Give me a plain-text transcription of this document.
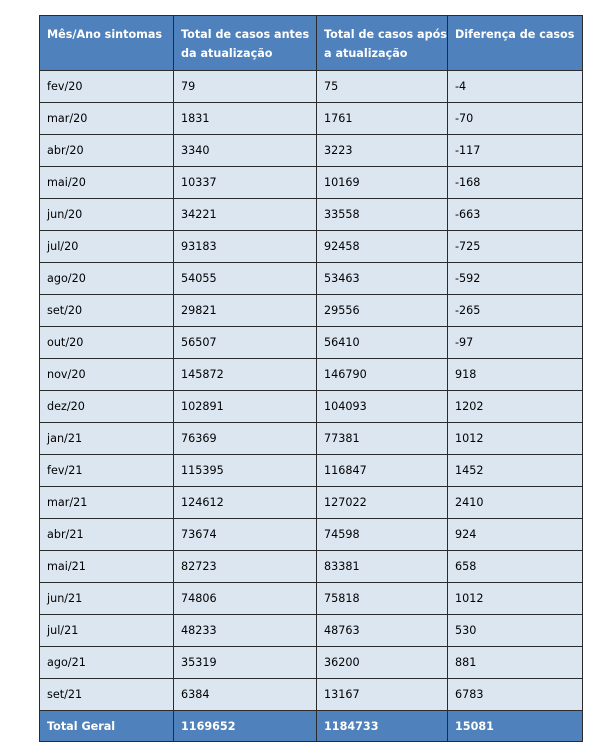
Mês/Ano sintomas	Total de casos antes da atualização	Total de casos após a atualização	Diferença de casos
fev/20	79	75	-4
mar/20	1831	1761	-70
abr/20	3340	3223	-117
mai/20	10337	10169	-168
jun/20	34221	33558	-663
jul/20	93183	92458	-725
ago/20	54055	53463	-592
set/20	29821	29556	-265
out/20	56507	56410	-97
nov/20	145872	146790	918
dez/20	102891	104093	1202
jan/21	76369	77381	1012
fev/21	115395	116847	1452
mar/21	124612	127022	2410
abr/21	73674	74598	924
mai/21	82723	83381	658
jun/21	74806	75818	1012
jul/21	48233	48763	530
ago/21	35319	36200	881
set/21	6384	13167	6783
Total Geral	1169652	1184733	15081
